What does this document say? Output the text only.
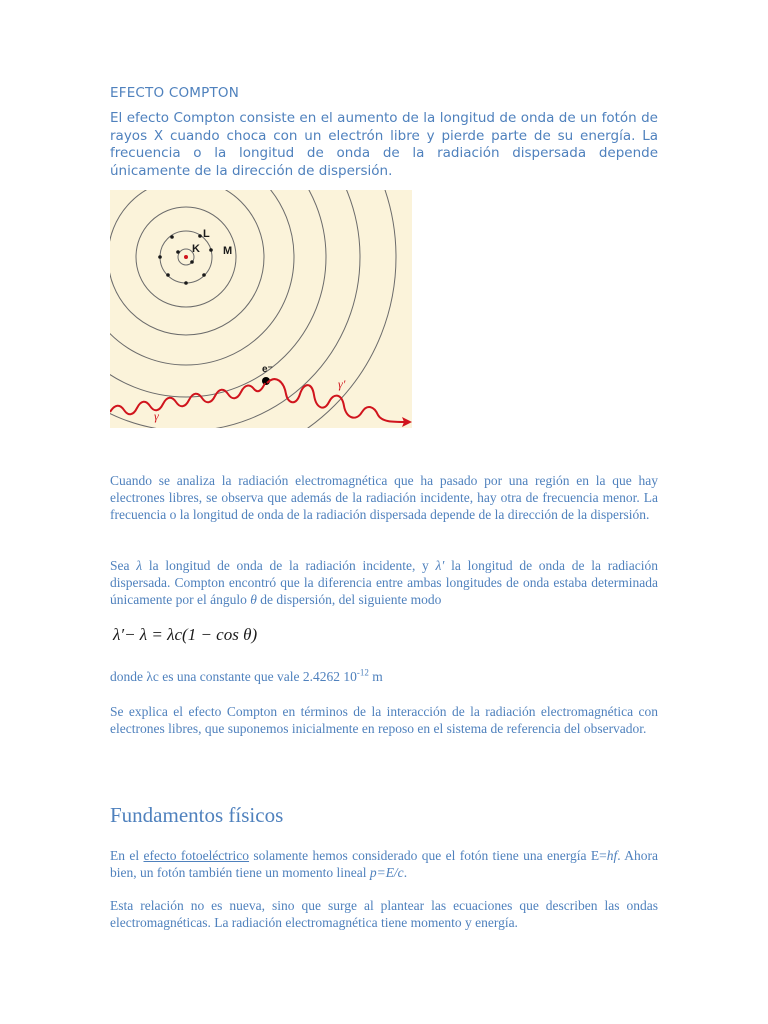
EFECTO COMPTON
El efecto Compton consiste en el aumento de la longitud de onda de un fotón de rayos X cuando choca con un electrón libre y pierde parte de su energía. La frecuencia o la longitud de onda de la radiación dispersada depende únicamente de la dirección de dispersión.
M
L
K
e⁻
γ
γ′
Cuando se analiza la radiación electromagnética que ha pasado por una región en la que hay electrones libres, se observa que además de la radiación incidente, hay otra de frecuencia menor. La frecuencia o la longitud de onda de la radiación dispersada depende de la dirección de la dispersión.
Sea λ la longitud de onda de la radiación incidente, y λ′ la longitud de onda de la radiación dispersada. Compton encontró que la diferencia entre ambas longitudes de onda estaba determinada únicamente por el ángulo θ de dispersión, del siguiente modo
λ′− λ = λc(1 − cos θ)
donde λc es una constante que vale 2.4262 $10^{-12}$ m
Se explica el efecto Compton en términos de la interacción de la radiación electromagnética con electrones libres, que suponemos inicialmente en reposo en el sistema de referencia del observador.
Fundamentos físicos
En el efecto fotoeléctrico solamente hemos considerado que el fotón tiene una energía E=hf. Ahora bien, un fotón también tiene un momento lineal p=E/c.
Esta relación no es nueva, sino que surge al plantear las ecuaciones que describen las ondas electromagnéticas. La radiación electromagnética tiene momento y energía.
